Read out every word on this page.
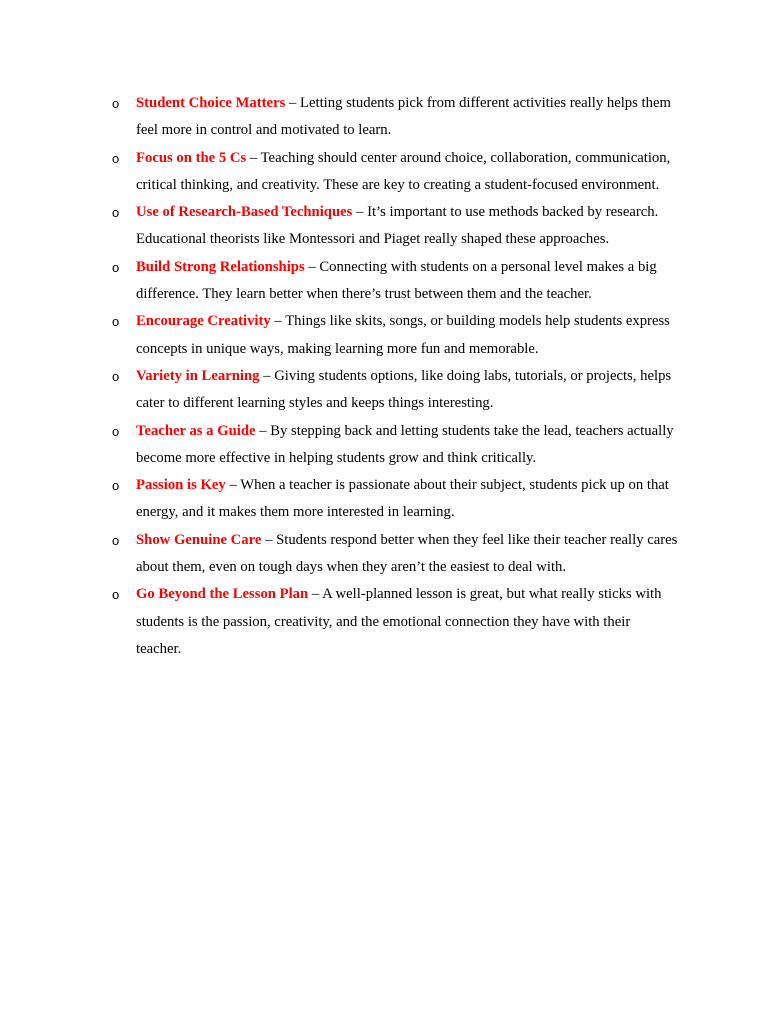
o Student Choice Matters – Letting students pick from different activities really helps them feel more in control and motivated to learn.
o Focus on the 5 Cs – Teaching should center around choice, collaboration, communication, critical thinking, and creativity. These are key to creating a student-focused environment.
o Use of Research-Based Techniques – It’s important to use methods backed by research. Educational theorists like Montessori and Piaget really shaped these approaches.
o Build Strong Relationships – Connecting with students on a personal level makes a big difference. They learn better when there’s trust between them and the teacher.
o Encourage Creativity – Things like skits, songs, or building models help students express concepts in unique ways, making learning more fun and memorable.
o Variety in Learning – Giving students options, like doing labs, tutorials, or projects, helps cater to different learning styles and keeps things interesting.
o Teacher as a Guide – By stepping back and letting students take the lead, teachers actually become more effective in helping students grow and think critically.
o Passion is Key – When a teacher is passionate about their subject, students pick up on that energy, and it makes them more interested in learning.
o Show Genuine Care – Students respond better when they feel like their teacher really cares about them, even on tough days when they aren’t the easiest to deal with.
o Go Beyond the Lesson Plan – A well-planned lesson is great, but what really sticks with students is the passion, creativity, and the emotional connection they have with their teacher.
